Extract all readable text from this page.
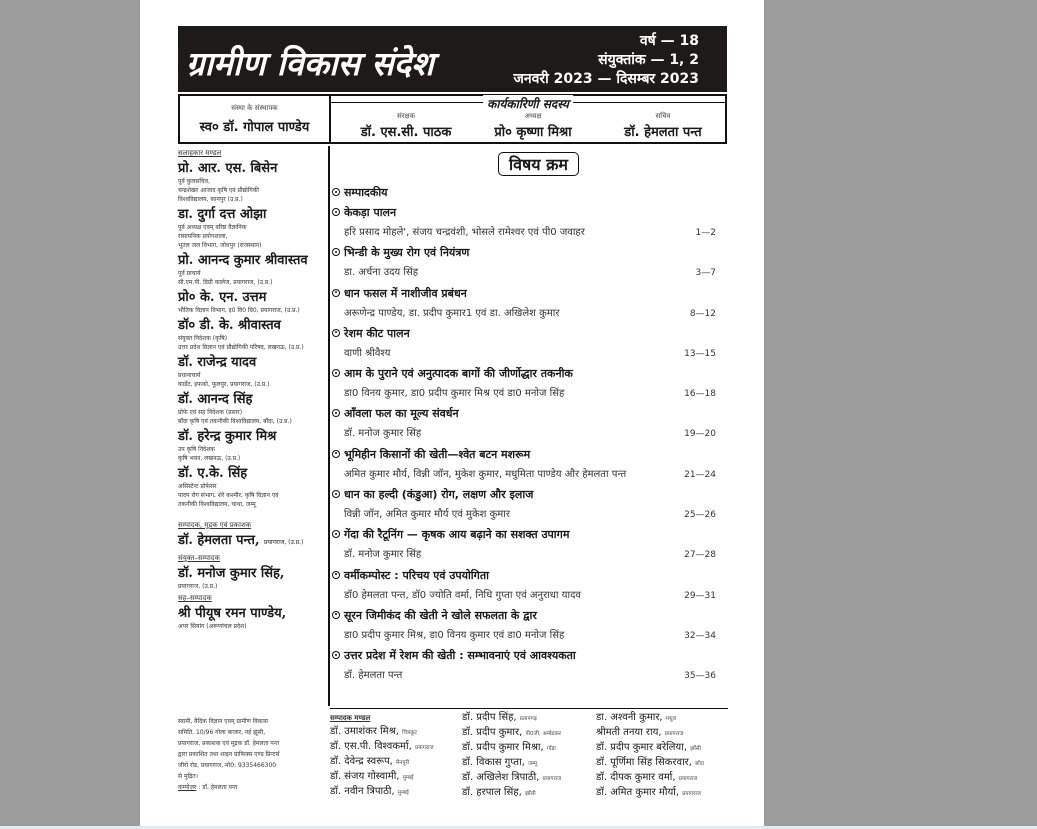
ग्रामीण विकास संदेश
वर्ष — 18
संयुक्तांक — 1, 2
जनवरी 2023 — दिसम्बर 2023
संस्था के संस्थापक
स्व० डॉ. गोपाल पाण्डेय
कार्यकारिणी सदस्य
संरक्षक
डॉ. एस.सी. पाठक
अध्यक्ष
प्रो० कृष्णा मिश्रा
सचिव
डॉ. हेमलता पन्त
सलाहकार मण्डल
प्रो. आर. एस. बिसेन
पूर्व कुलसचिव,
चन्द्रशेखर आजाद कृषि एवं प्रौद्योगिकी
विश्वविद्यालय, कानपुर (उ.प्र.)
डा. दुर्गा दत्त ओझा
पूर्व अध्यक्ष एवम् वरिष्ठ वैज्ञानिक
रासायनिक प्रयोगशाला,
भूतल जल विभाग, जोधपुर (राजस्थान)
प्रो. आनन्द कुमार श्रीवास्तव
पूर्व प्राचार्य
सी.एम.पी. डिग्री कालेज, प्रयागराज, (उ.प्र.)
प्रो० के. एन. उत्तम
भौतिक विज्ञान विभाग, इ0 वि0 वि0, प्रयागराज, (उ.प्र.)
डॉ० डी. के. श्रीवास्तव
संयुक्त निदेशक (कृषि)
उत्तर प्रदेश विज्ञान एवं प्रौद्योगिकी परिषद, लखनऊ, (उ.प्र.)
डॉ. राजेन्द्र यादव
प्रधानाचार्य
कार्डेट, इफको, फूलपुर, प्रयागराज, (उ.प्र.)
डॉ. आनन्द सिंह
प्रोफे एवं सह निदेशक (प्रसार)
बाँदा कृषि एवं तकनीकी विश्वविद्यालय, बाँदा, (उ.प्र.)
डॉ. हरेन्द्र कुमार मिश्र
उप कृषि निदेशक
कृषि भवन, लखनऊ, (उ.प्र.)
डॉ. ए.के. सिंह
असिस्टेन्ट प्रोफेसर
पादप रोग संभाग, शेरे कश्मीर, कृषि विज्ञान एवं
तकनीकी विश्वविद्यालय, चाथा, जम्मू
सम्पादक, मुद्रक एवं प्रकाशक
डॉ. हेमलता पन्त, प्रयागराज, (उ.प्र.)
संयुक्त–सम्पादक
डॉ. मनोज कुमार सिंह,
प्रयागराज, (उ.प्र.)
सह–सम्पादक
श्री पीयूष रमन पाण्डेय,
अपर सियांग (अरूणांचल प्रदेश)
स्वामी, वैदिक विज्ञान एवम् ग्रामीण विकास
समिति, 10/96 गोला बाजार, नई झूंसी,
प्रयागराज, प्रकाशक एवं मुद्रक डॉ. हेमलता पन्त
द्वारा प्रकाशित तथा शाइन ग्राफिक्स एण्ड प्रिन्टर्स
जीरो रोड, प्रयागराज, मो0: 9335466300
से मुद्रित।
कम्पोज़र : डॉ. हेमलता पन्त
विषय क्रम
सम्पादकीय
केकड़ा पालन
हरि प्रसाद मोहले', संजय चन्द्रवंशी, भोसले रामेश्वर एवं पी0 जवाहर	1—2
भिन्डी के मुख्य रोग एवं नियंत्रण
डा. अर्चना उदय सिंह	3—7
धान फसल में नाशीजीव प्रबंधन
अरूणेन्द्र पाण्डेय, डा. प्रदीप कुमार1 एवं डा. अखिलेश कुमार	8—12
रेशम कीट पालन
वाणी श्रीवैश्य	13—15
आम के पुराने एवं अनुत्पादक बागों की जीर्णोद्धार तकनीक
डा0 विनय कुमार, डा0 प्रदीप कुमार मिश्र एवं डा0 मनोज सिंह	16—18
आँवला फल का मूल्य संवर्धन
डॉ. मनोज कुमार सिंह	19—20
भूमिहीन किसानों की खेती—श्वेत बटन मशरूम
अमित कुमार मौर्य, विन्नी जॉन, मुकेश कुमार, मधुमिता पाण्डेय और हेमलता पन्त	21—24
धान का हल्दी (कंडुआ) रोग, लक्षण और इलाज
विन्नी जॉन, अमित कुमार मौर्य एवं मुकेश कुमार	25—26
गेंदा की रैटूनिंग — कृषक आय बढ़ाने का सशक्त उपागम
डॉ. मनोज कुमार सिंह	27—28
वर्मीकम्पोस्ट : परिचय एवं उपयोगिता
डॉ0 हेमलता पन्त, डॉ0 ज्योति वर्मा, निधि गुप्ता एवं अनुराधा यादव	29—31
सूरन जिमीकंद की खेती ने खोले सफलता के द्वार
डा0 प्रदीप कुमार मिश्र, डा0 विनय कुमार एवं डा0 मनोज सिंह	32—34
उत्तर प्रदेश में रेशम की खेती : सम्भावनाएं एवं आवश्यकता
डॉ. हेमलता पन्त	35—36
सम्पादक मण्डल
डॉ. उमाशंकर मिश्र, चित्रकूट
डॉ. एस.पी. विश्वकर्मा, प्रयागराज
डॉ. देवेन्द्र स्वरूप, मैनपुरी
डॉ. संजय गोस्वामी, मुम्बई
डॉ. नवीन त्रिपाठी, मुम्बई
डॉ. प्रदीप सिंह, प्रतापगढ़
डॉ. प्रदीप कुमार, पी0जी, अम्बेडकर
डॉ. प्रदीप कुमार मिश्रा, गोंडा
डॉ. विकास गुप्ता, जम्मू
डॉ. अखिलेश त्रिपाठी, प्रयागराज
डॉ. हरपाल सिंह, झाँसी
डा. अश्वनी कुमार, मथुरा
श्रीमती तनया राय, प्रयागराज
डॉ. प्रदीप कुमार बरेलिया, झाँसी
डॉ. पूर्णिमा सिंह सिकरवार, बाँदा
डॉ. दीपक कुमार वर्मा, प्रयागराज
डॉ. अमित कुमार मौर्या, प्रयागराज
